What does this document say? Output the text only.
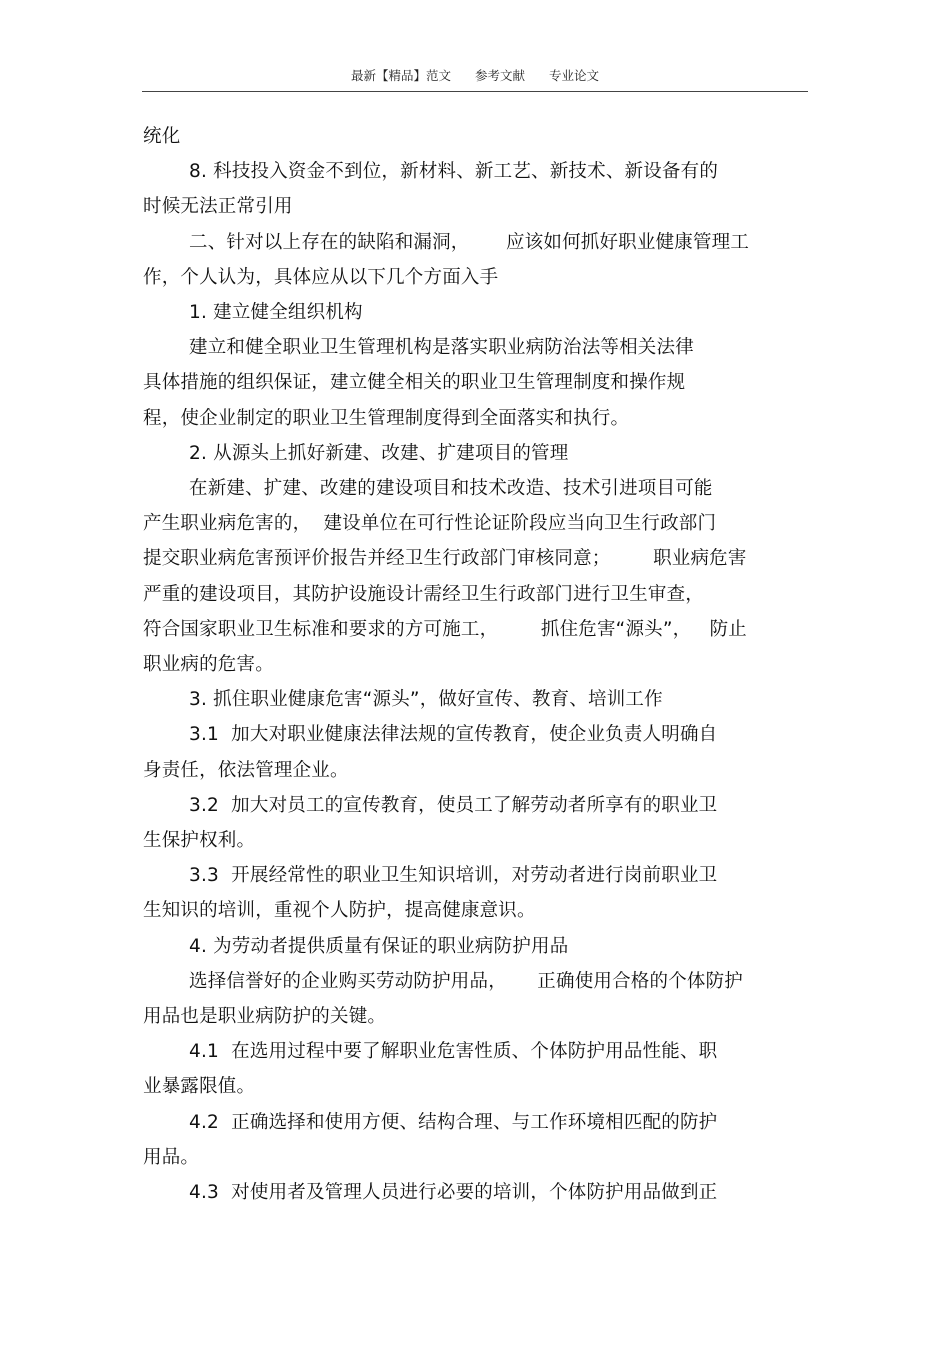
最新【精品】范文 参考文献 专业论文
统化
8. 科技投入资金不到位，新材料、新工艺、新技术、新设备有的
时候无法正常引用
二、针对以上存在的缺陷和漏洞，      应该如何抓好职业健康管理工
作，个人认为，具体应从以下几个方面入手
1. 建立健全组织机构
建立和健全职业卫生管理机构是落实职业病防治法等相关法律
具体措施的组织保证，建立健全相关的职业卫生管理制度和操作规
程，使企业制定的职业卫生管理制度得到全面落实和执行。
2. 从源头上抓好新建、改建、扩建项目的管理
在新建、扩建、改建的建设项目和技术改造、技术引进项目可能
产生职业病危害的，  建设单位在可行性论证阶段应当向卫生行政部门
提交职业病危害预评价报告并经卫生行政部门审核同意；       职业病危害
严重的建设项目，其防护设施设计需经卫生行政部门进行卫生审查，
符合国家职业卫生标准和要求的方可施工，       抓住危害“源头”，   防止
职业病的危害。
3. 抓住职业健康危害“源头”，做好宣传、教育、培训工作
3.1  加大对职业健康法律法规的宣传教育，使企业负责人明确自
身责任，依法管理企业。
3.2  加大对员工的宣传教育，使员工了解劳动者所享有的职业卫
生保护权利。
3.3  开展经常性的职业卫生知识培训，对劳动者进行岗前职业卫
生知识的培训，重视个人防护，提高健康意识。
4. 为劳动者提供质量有保证的职业病防护用品
选择信誉好的企业购买劳动防护用品，     正确使用合格的个体防护
用品也是职业病防护的关键。
4.1  在选用过程中要了解职业危害性质、个体防护用品性能、职
业暴露限值。
4.2  正确选择和使用方便、结构合理、与工作环境相匹配的防护
用品。
4.3  对使用者及管理人员进行必要的培训，个体防护用品做到正
